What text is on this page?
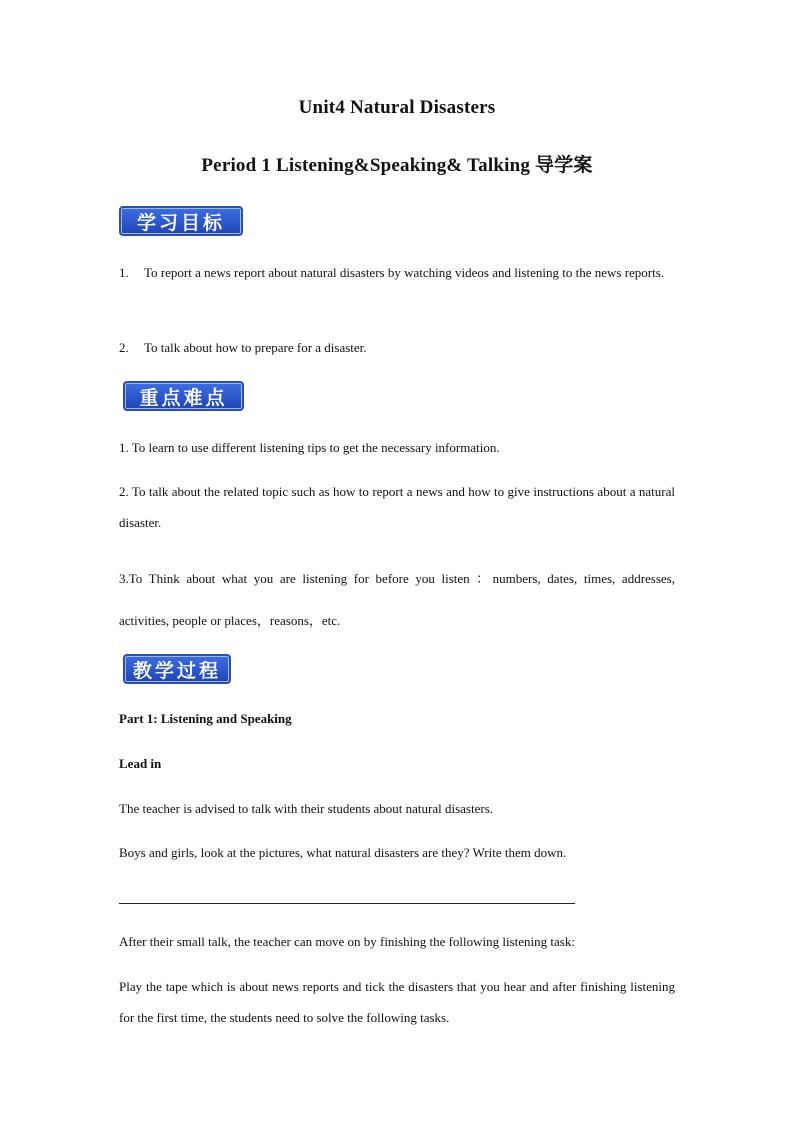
Unit4 Natural Disasters
Period 1 Listening&Speaking& Talking 导学案
学习目标
1.	To report a news report about natural disasters by watching videos and listening to the news reports.
2.	To talk about how to prepare for a disaster.
重点难点
1. To learn to use different listening tips to get the necessary information.
2. To talk about the related topic such as how to report a news and how to give instructions about a natural disaster.
3.To Think about what you are listening for before you listen ：numbers, dates, times, addresses, activities, people or places，reasons，etc.
教学过程
Part 1: Listening and Speaking
Lead in
The teacher is advised to talk with their students about natural disasters.
Boys and girls, look at the pictures, what natural disasters are they? Write them down.
After their small talk, the teacher can move on by finishing the following listening task:
Play the tape which is about news reports and tick the disasters that you hear and after finishing listening for the first time, the students need to solve the following tasks.
